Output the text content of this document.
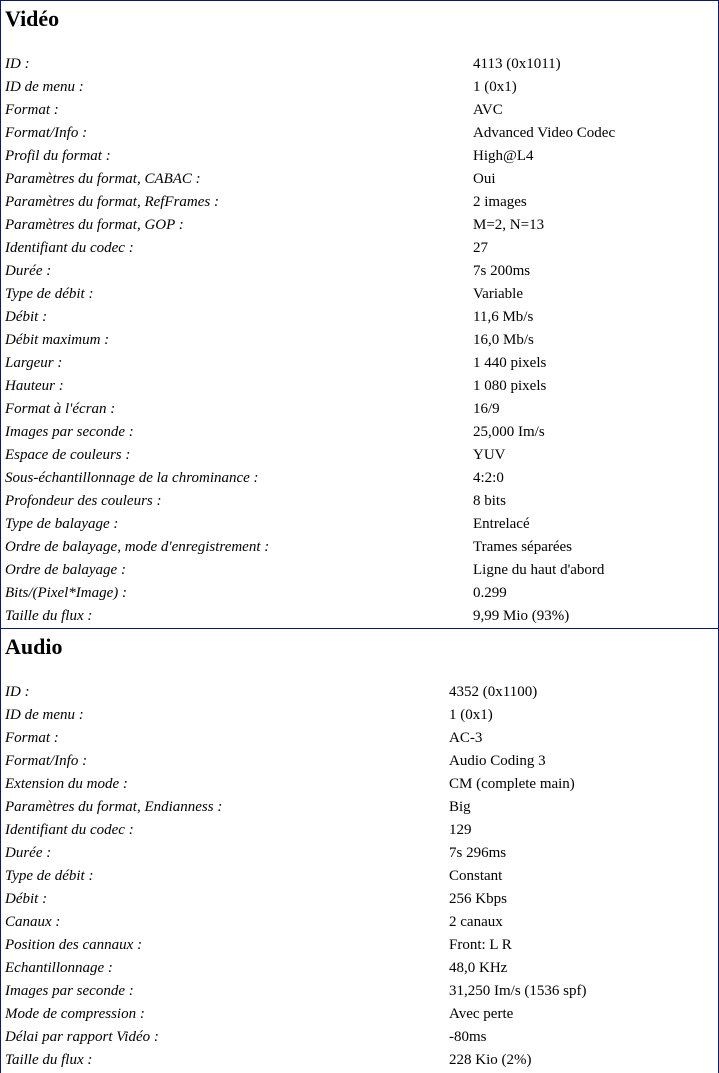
Vidéo
ID :	4113 (0x1011)
ID de menu :	1 (0x1)
Format :	AVC
Format/Info :	Advanced Video Codec
Profil du format :	High@L4
Paramètres du format, CABAC :	Oui
Paramètres du format, RefFrames :	2 images
Paramètres du format, GOP :	M=2, N=13
Identifiant du codec :	27
Durée :	7s 200ms
Type de débit :	Variable
Débit :	11,6 Mb/s
Débit maximum :	16,0 Mb/s
Largeur :	1 440 pixels
Hauteur :	1 080 pixels
Format à l'écran :	16/9
Images par seconde :	25,000 Im/s
Espace de couleurs :	YUV
Sous-échantillonnage de la chrominance :	4:2:0
Profondeur des couleurs :	8 bits
Type de balayage :	Entrelacé
Ordre de balayage, mode d'enregistrement :	Trames séparées
Ordre de balayage :	Ligne du haut d'abord
Bits/(Pixel*Image) :	0.299
Taille du flux :	9,99 Mio (93%)
Audio
ID :	4352 (0x1100)
ID de menu :	1 (0x1)
Format :	AC-3
Format/Info :	Audio Coding 3
Extension du mode :	CM (complete main)
Paramètres du format, Endianness :	Big
Identifiant du codec :	129
Durée :	7s 296ms
Type de débit :	Constant
Débit :	256 Kbps
Canaux :	2 canaux
Position des cannaux :	Front: L R
Echantillonnage :	48,0 KHz
Images par seconde :	31,250 Im/s (1536 spf)
Mode de compression :	Avec perte
Délai par rapport Vidéo :	-80ms
Taille du flux :	228 Kio (2%)
